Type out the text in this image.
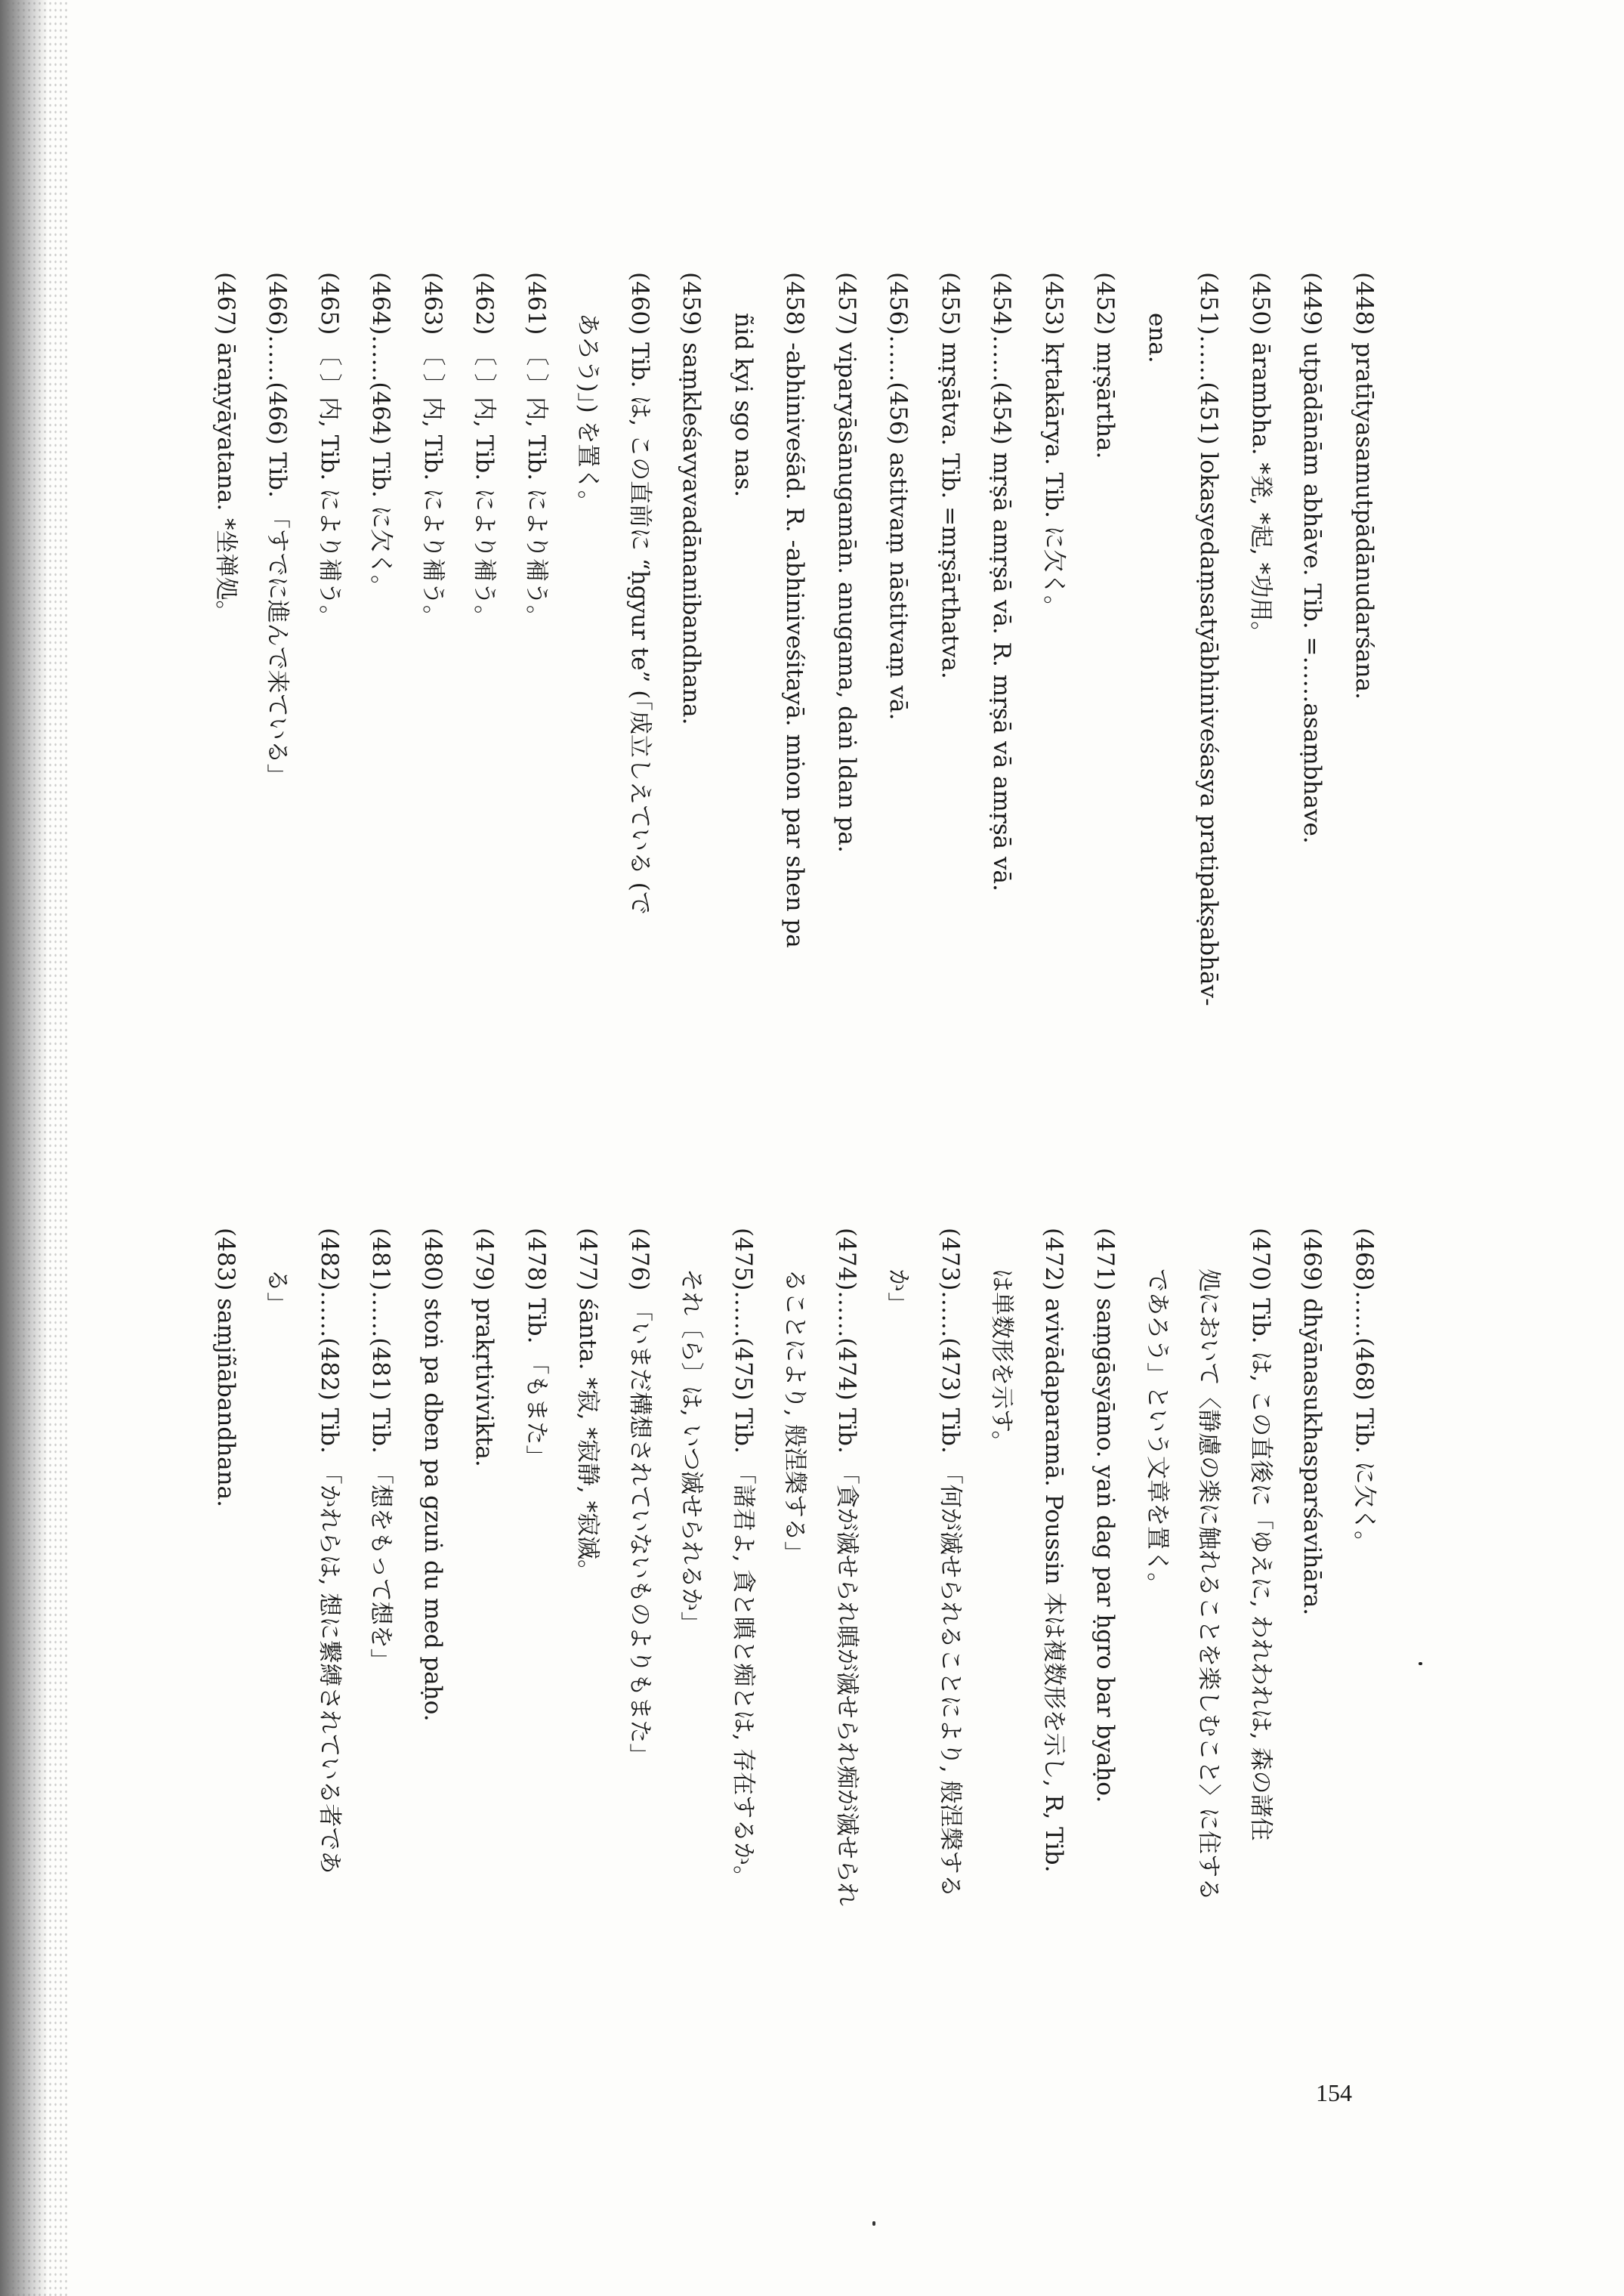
(448) pratītyasamutpādānudarśana.
(449) utpādānām abhāve. Tib. =……asaṃbhave.
(450) ārambha. *発, *起, *功用。
(451)……(451) lokasyedaṃsatyābhiniveśasya pratipakṣabhāv-
ena.
(452) mṛṣārtha.
(453) kṛtakārya. Tib. に欠く。
(454)……(454) mṛṣā amṛṣā vā. R. mṛṣā vā amṛṣā vā.
(455) mṛṣātva. Tib. =mṛṣārthatva.
(456)……(456) astitvaṃ nāstitvaṃ vā.
(457) viparyāsānugamān. anugama, daṅ ldan pa.
(458) -abhiniveśād. R. -abhiniveśitayā. mṅon par shen pa
ñid kyi sgo nas.
(459) saṃkleśavyavadānanibandhana.
(460) Tib. は, この直前に “ḥgyur te” (「成立しえている (で
あろう)」) を置く。
(461) 〔 〕内, Tib. により補う。
(462) 〔 〕内, Tib. により補う。
(463) 〔 〕内, Tib. により補う。
(464)……(464) Tib. に欠く。
(465) 〔 〕内, Tib. により補う。
(466)……(466) Tib. 「すでに進んで来ている」
(467) āraṇyāyatana. *坐禅処。
(468)……(468) Tib. に欠く。
(469) dhyānasukhasparśavihāra.
(470) Tib. は, この直後に「ゆえに, われわれは, 森の諸住
処において〈静慮の楽に触れることを楽しむこと〉に住する
であろう」という文章を置く。
(471) saṃgāsyāmo. yaṅ dag par ḥgro bar byaḥo.
(472) avivādaparamā. Poussin 本は複数形を示し, R, Tib.
は単数形を示す。
(473)……(473) Tib. 「何が滅せられることにより, 般涅槃する
か」
(474)……(474) Tib. 「貪が滅せられ瞋が滅せられ痴が滅せられ
ることにより, 般涅槃する」
(475)……(475) Tib. 「諸君よ, 貪と瞋と痴とは, 存在するか。
それ〔ら〕は, いつ滅せられるか」
(476) 「いまだ構想されていないものよりもまた」
(477) śānta. *寂, *寂静, *寂滅。
(478) Tib. 「もまた」
(479) prakṛtivivikta.
(480) stoṅ pa dben pa gzuṅ du med paḥo.
(481)……(481) Tib. 「想をもって想を」
(482)……(482) Tib. 「かれらは, 想に繋縛されている者であ
る」
(483) saṃjñābandhana.
154
